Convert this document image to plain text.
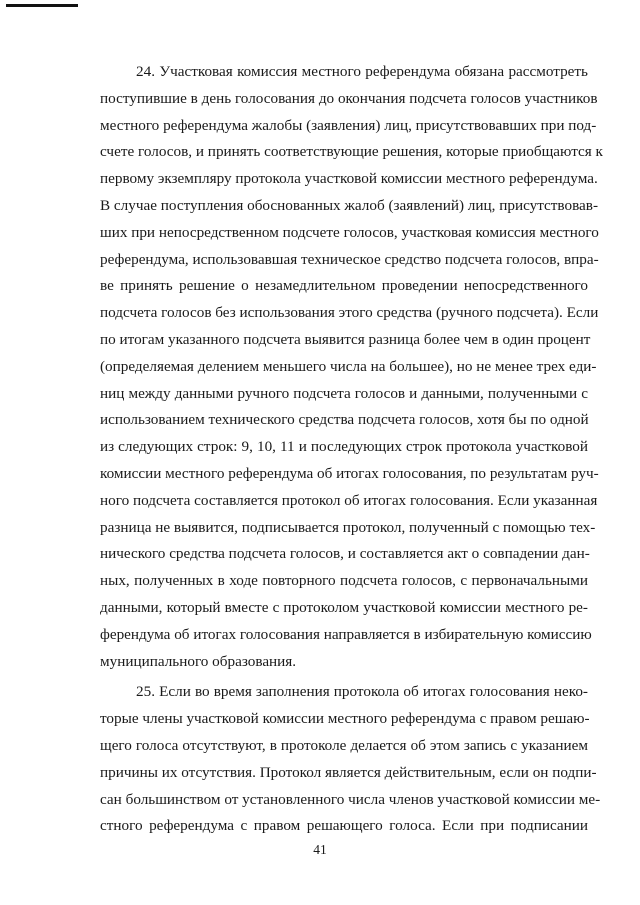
24. Участковая комиссия местного референдума обязана рассмотреть
поступившие в день голосования до окончания подсчета голосов участников
местного референдума жалобы (заявления) лиц, присутствовавших при под-
счете голосов, и принять соответствующие решения, которые приобщаются к
первому экземпляру протокола участковой комиссии местного референдума.
В случае поступления обоснованных жалоб (заявлений) лиц, присутствовав-
ших при непосредственном подсчете голосов, участковая комиссия местного
референдума, использовавшая техническое средство подсчета голосов, впра-
ве принять решение о незамедлительном проведении непосредственного
подсчета голосов без использования этого средства (ручного подсчета). Если
по итогам указанного подсчета выявится разница более чем в один процент
(определяемая делением меньшего числа на большее), но не менее трех еди-
ниц между данными ручного подсчета голосов и данными, полученными с
использованием технического средства подсчета голосов, хотя бы по одной
из следующих строк: 9, 10, 11 и последующих строк протокола участковой
комиссии местного референдума об итогах голосования, по результатам руч-
ного подсчета составляется протокол об итогах голосования. Если указанная
разница не выявится, подписывается протокол, полученный с помощью тех-
нического средства подсчета голосов, и составляется акт о совпадении дан-
ных, полученных в ходе повторного подсчета голосов, с первоначальными
данными, который вместе с протоколом участковой комиссии местного ре-
ферендума об итогах голосования направляется в избирательную комиссию
муниципального образования.
25. Если во время заполнения протокола об итогах голосования неко-
торые члены участковой комиссии местного референдума с правом решаю-
щего голоса отсутствуют, в протоколе делается об этом запись с указанием
причины их отсутствия. Протокол является действительным, если он подпи-
сан большинством от установленного числа членов участковой комиссии ме-
стного референдума с правом решающего голоса. Если при подписании
41
